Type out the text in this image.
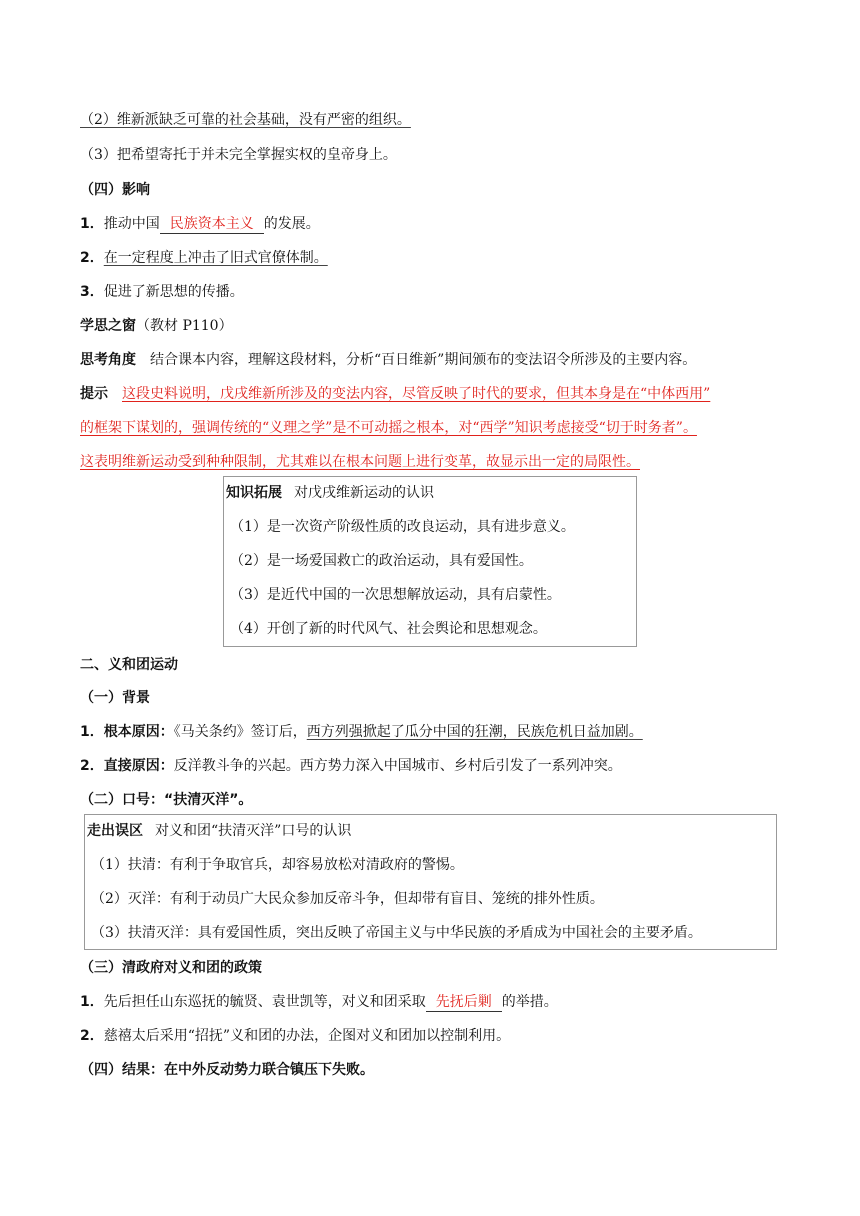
（2）维新派缺乏可靠的社会基础，没有严密的组织。
（3）把希望寄托于并未完全掌握实权的皇帝身上。
（四）影响
1．推动中国 民族资本主义 的发展。
2．在一定程度上冲击了旧式官僚体制。
3．促进了新思想的传播。
学思之窗（教材 P110）
思考角度 结合课本内容，理解这段材料，分析“百日维新”期间颁布的变法诏令所涉及的主要内容。
提示 这段史料说明，戊戌维新所涉及的变法内容，尽管反映了时代的要求，但其本身是在“中体西用”
的框架下谋划的，强调传统的“义理之学”是不可动摇之根本，对“西学”知识考虑接受“切于时务者”。
这表明维新运动受到种种限制，尤其难以在根本问题上进行变革，故显示出一定的局限性。
知识拓展 对戊戌维新运动的认识
（1）是一次资产阶级性质的改良运动，具有进步意义。
（2）是一场爱国救亡的政治运动，具有爱国性。
（3）是近代中国的一次思想解放运动，具有启蒙性。
（4）开创了新的时代风气、社会舆论和思想观念。
二、义和团运动
（一）背景
1．根本原因：《马关条约》签订后，西方列强掀起了瓜分中国的狂潮，民族危机日益加剧。
2．直接原因：反洋教斗争的兴起。西方势力深入中国城市、乡村后引发了一系列冲突。
（二）口号：“扶清灭洋”。
走出误区 对义和团“扶清灭洋”口号的认识
（1）扶清：有利于争取官兵，却容易放松对清政府的警惕。
（2）灭洋：有利于动员广大民众参加反帝斗争，但却带有盲目、笼统的排外性质。
（3）扶清灭洋：具有爱国性质，突出反映了帝国主义与中华民族的矛盾成为中国社会的主要矛盾。
（三）清政府对义和团的政策
1．先后担任山东巡抚的毓贤、袁世凯等，对义和团采取 先抚后剿 的举措。
2．慈禧太后采用“招抚”义和团的办法，企图对义和团加以控制利用。
（四）结果：在中外反动势力联合镇压下失败。
